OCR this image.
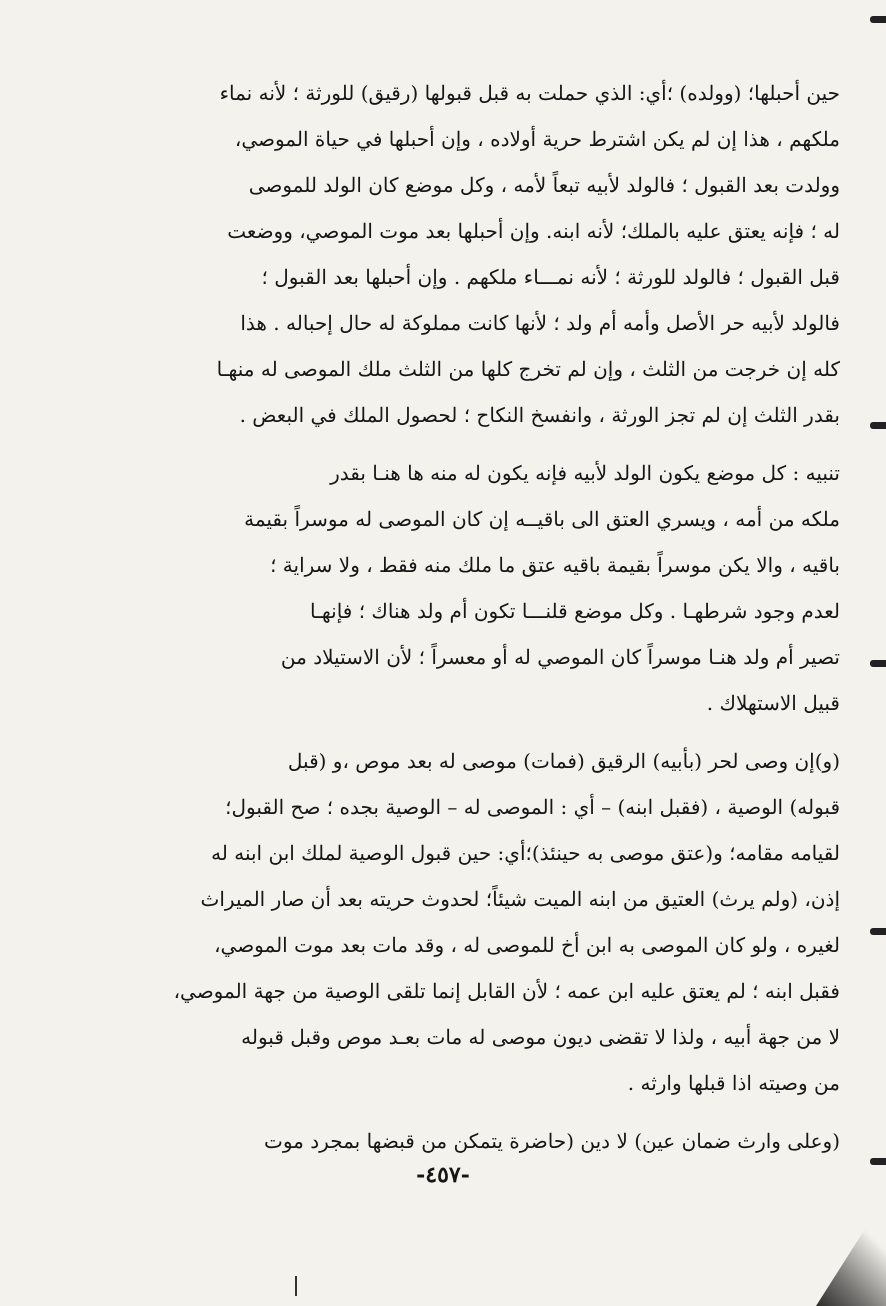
حين أحبلها؛ (وولده) ؛أي: الذي حملت به قبل قبولها (رقيق) للورثة ؛ لأنه نماء
ملكهم ، هذا إن لم يكن اشترط حرية أولاده ، وإن أحبلها في حياة الموصي،
وولدت بعد القبول ؛ فالولد لأبيه تبعاً لأمه ، وكل موضع كان الولد للموصى
له ؛ فإنه يعتق عليه بالملك؛ لأنه ابنه. وإن أحبلها بعد موت الموصي، ووضعت
قبل القبول ؛ فالولد للورثة ؛ لأنه نمـــاء ملكهم . وإن أحبلها بعد القبول ؛
فالولد لأبيه حر الأصل وأمه أم ولد ؛ لأنها كانت مملوكة له حال إحباله . هذا
كله إن خرجت من الثلث ، وإن لم تخرج كلها من الثلث ملك الموصى له منهـا
بقدر الثلث إن لم تجز الورثة ، وانفسخ النكاح ؛ لحصول الملك في البعض .

تنبيه : كل موضع يكون الولد لأبيه فإنه يكون له منه ها هنـا بقدر
ملكه من أمه ، ويسري العتق الى باقيــه إن كان الموصى له موسراً بقيمة
باقيه ، والا يكن موسراً بقيمة باقيه عتق ما ملك منه فقط ، ولا سراية ؛
لعدم وجود شرطهـا . وكل موضع قلنـــا تكون أم ولد هناك ؛ فإنهـا
تصير أم ولد هنـا موسراً كان الموصي له أو معسراً ؛ لأن الاستيلاد من
قبيل الاستهلاك .

(و)إن وصى لحر (بأبيه) الرقيق (فمات) موصى له بعد موص ،و (قبل
قبوله) الوصية ، (فقبل ابنه) – أي : الموصى له – الوصية بجده ؛ صح القبول؛
لقيامه مقامه؛ و(عتق موصى به حينئذ)؛أي: حين قبول الوصية لملك ابن ابنه له
إذن، (ولم يرث) العتيق من ابنه الميت شيئاً؛ لحدوث حريته بعد أن صار الميراث
لغيره ، ولو كان الموصى به ابن أخ للموصى له ، وقد مات بعد موت الموصي،
فقبل ابنه ؛ لم يعتق عليه ابن عمه ؛ لأن القابل إنما تلقى الوصية من جهة الموصي،
لا من جهة أبيه ، ولذا لا تقضى ديون موصى له مات بعـد موص وقبل قبوله
من وصيته اذا قبلها وارثه .

(وعلى وارث ضمان عين) لا دين (حاضرة يتمكن من قبضها بمجرد موت

-٤٥٧-
